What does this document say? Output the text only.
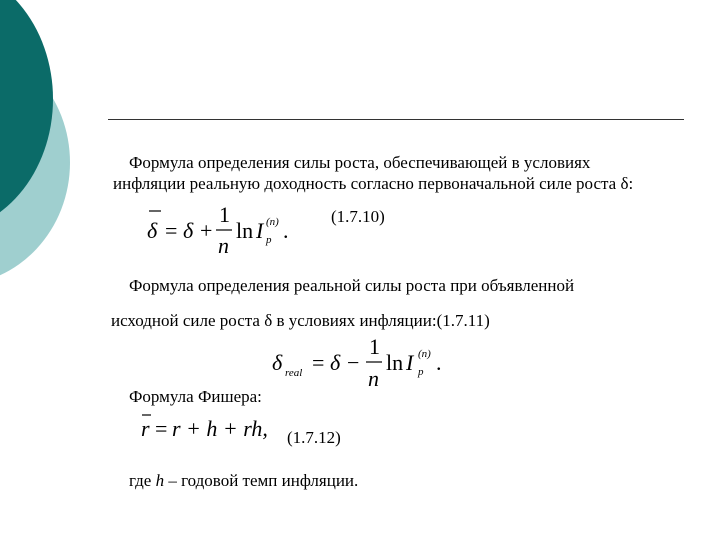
Формула определения силы роста, обеспечивающей в условиях
инфляции реальную доходность согласно первоначальной силе роста δ:
δ = δ +
1
n
ln I (n)
p .
(1.7.10)
Формула определения реальной силы роста при объявленной
исходной силе роста δ в условиях инфляции:(1.7.11)
δ real = δ −
1
n
ln I (n)
p .
Формула Фишера:
r = r + h + rh, (1.7.12)
где h – годовой темп инфляции.
